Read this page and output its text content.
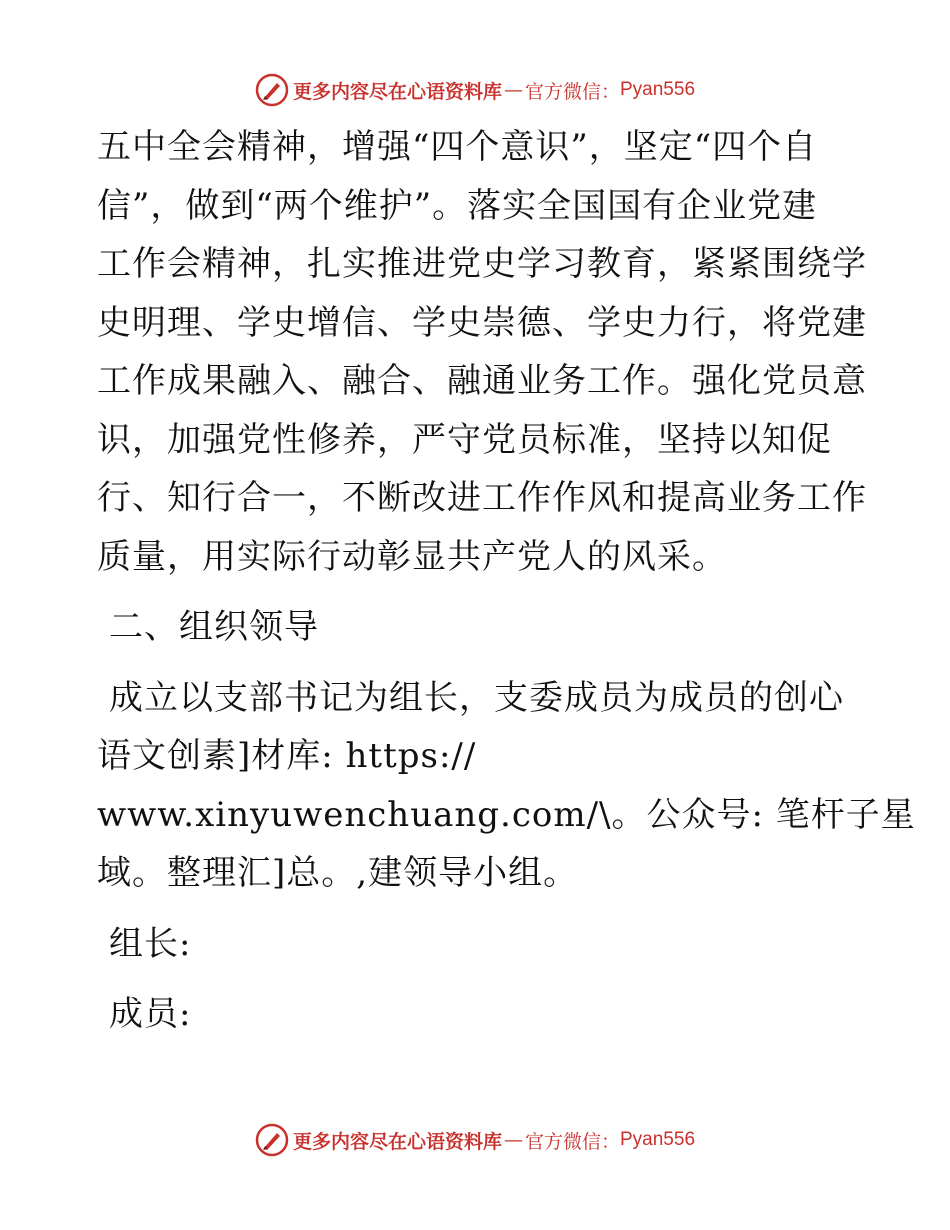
更多内容尽在心语资料库 — 官方微信： Pyan556
五中全会精神，增强“四个意识”，坚定“四个自
信”，做到“两个维护”。落实全国国有企业党建
工作会精神，扎实推进党史学习教育，紧紧围绕学
史明理、学史增信、学史崇德、学史力行，将党建
工作成果融入、融合、融通业务工作。强化党员意
识，加强党性修养，严守党员标准，坚持以知促
行、知行合一，不断改进工作作风和提高业务工作
质量，用实际行动彰显共产党人的风采。
二、组织领导
成立以支部书记为组长，支委成员为成员的创心
语文创素]材库: https://
www.xinyuwenchuang.com/\。公众号: 笔杆子星
域。整理汇]总。,建领导小组。
组长:
成员:
更多内容尽在心语资料库 — 官方微信： Pyan556
